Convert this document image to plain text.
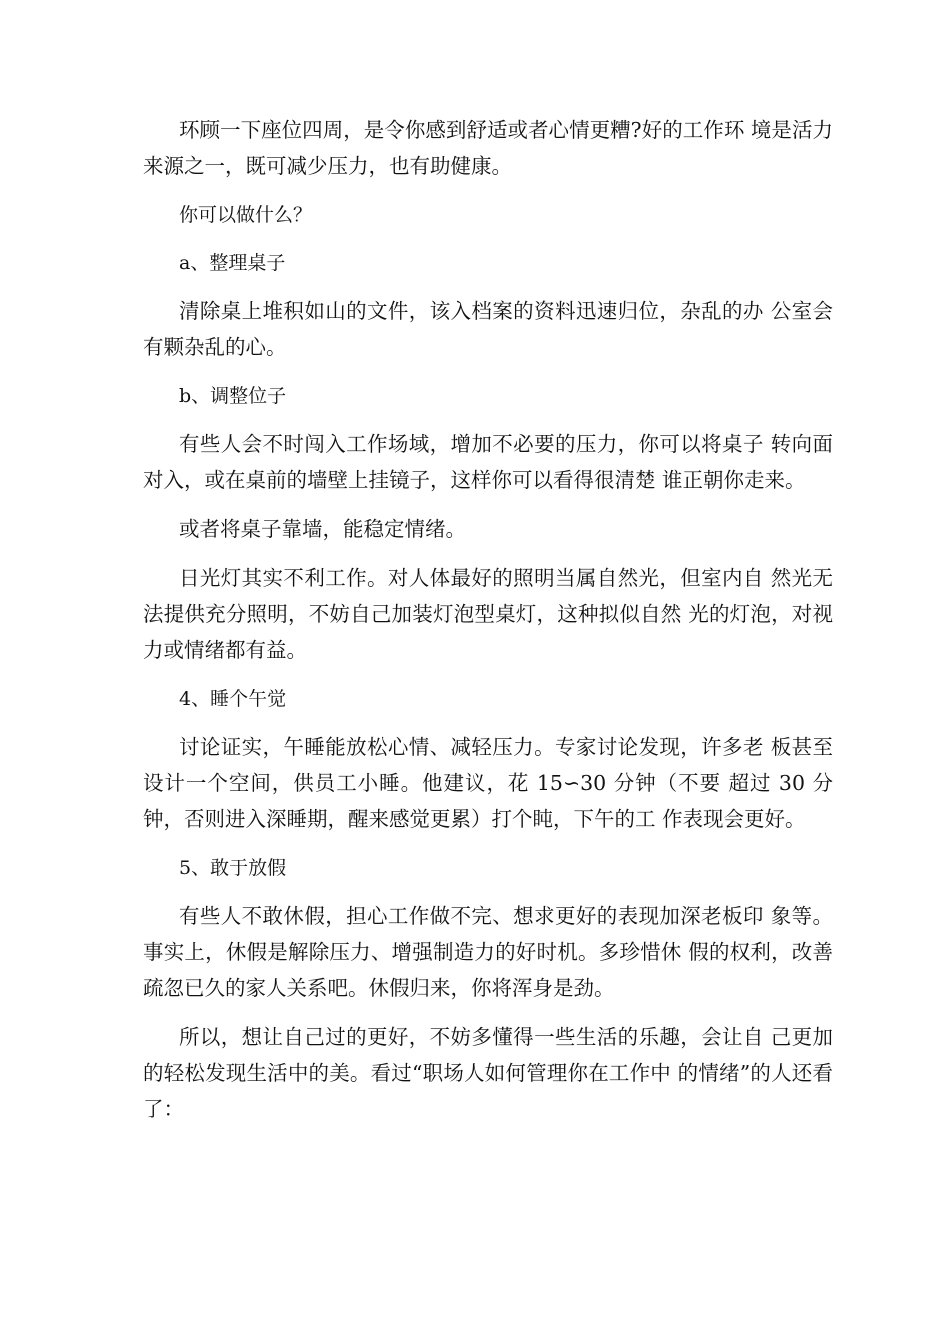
环顾一下座位四周，是令你感到舒适或者心情更糟?好的工作环 境是活力来源之一，既可减少压力，也有助健康。

你可以做什么？

a、整理桌子

清除桌上堆积如山的文件，该入档案的资料迅速归位，杂乱的办 公室会有颗杂乱的心。

b、调整位子

有些人会不时闯入工作场域，增加不必要的压力，你可以将桌子 转向面对入，或在桌前的墙壁上挂镜子，这样你可以看得很清楚 谁正朝你走来。

或者将桌子靠墙，能稳定情绪。

日光灯其实不利工作。对人体最好的照明当属自然光，但室内自 然光无法提供充分照明，不妨自己加装灯泡型桌灯，这种拟似自然 光的灯泡，对视力或情绪都有益。

4、睡个午觉

讨论证实，午睡能放松心情、减轻压力。专家讨论发现，许多老 板甚至设计一个空间，供员工小睡。他建议，花 15∽30 分钟（不要 超过 30 分钟，否则进入深睡期，醒来感觉更累）打个盹，下午的工 作表现会更好。

5、敢于放假

有些人不敢休假，担心工作做不完、想求更好的表现加深老板印 象等。事实上，休假是解除压力、增强制造力的好时机。多珍惜休 假的权利，改善疏忽已久的家人关系吧。休假归来，你将浑身是劲。

所以，想让自己过的更好，不妨多懂得一些生活的乐趣，会让自 己更加的轻松发现生活中的美。看过“职场人如何管理你在工作中 的情绪”的人还看了：
